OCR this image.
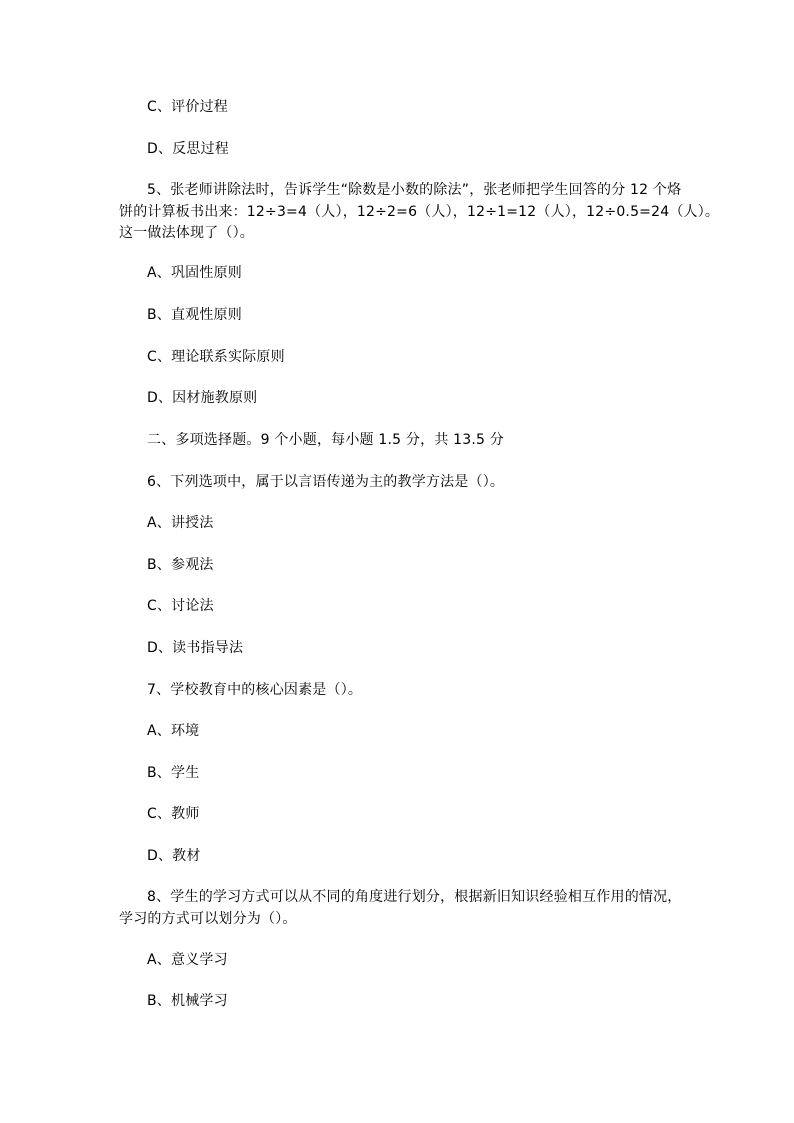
C、评价过程
D、反思过程
5、张老师讲除法时，告诉学生“除数是小数的除法”，张老师把学生回答的分 12 个烙
饼的计算板书出来：12÷3=4（人），12÷2=6（人），12÷1=12（人），12÷0.5=24（人）。
这一做法体现了（）。
A、巩固性原则
B、直观性原则
C、理论联系实际原则
D、因材施教原则
二、多项选择题。9 个小题，每小题 1.5 分，共 13.5 分
6、下列选项中，属于以言语传递为主的教学方法是（）。
A、讲授法
B、参观法
C、讨论法
D、读书指导法
7、学校教育中的核心因素是（）。
A、环境
B、学生
C、教师
D、教材
8、学生的学习方式可以从不同的角度进行划分，根据新旧知识经验相互作用的情况，
学习的方式可以划分为（）。
A、意义学习
B、机械学习
